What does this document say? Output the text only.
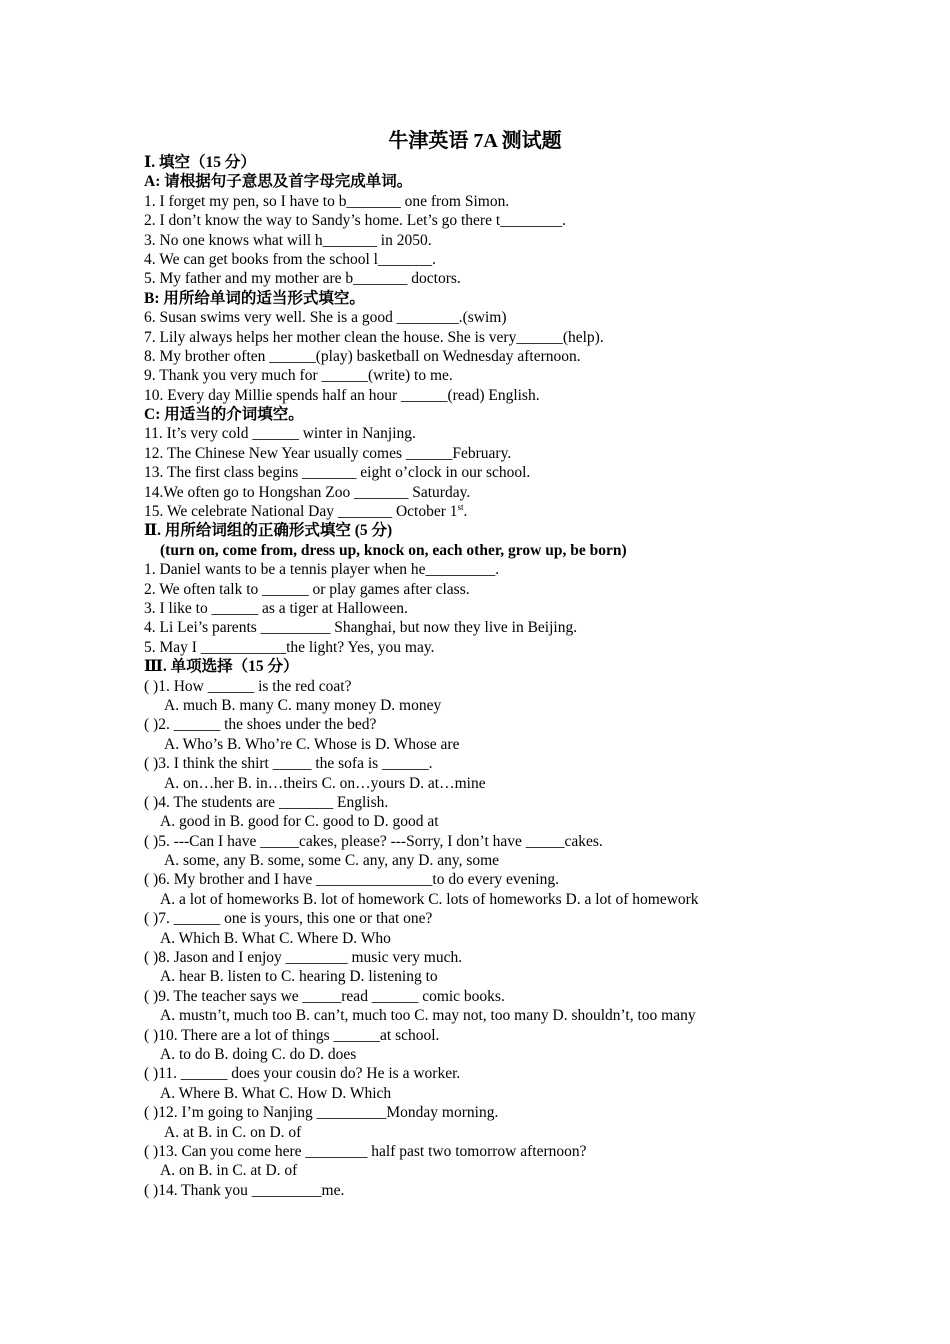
牛津英语 7A 测试题
Ⅰ. 填空（15 分）
A: 请根据句子意思及首字母完成单词。
1. I forget my pen, so I have to b_______ one from Simon.
2. I don’t know the way to Sandy’s home. Let’s go there t________.
3. No one knows what will h_______ in 2050.
4. We can get books from the school l_______.
5. My father and my mother are b_______ doctors.
B: 用所给单词的适当形式填空。
6. Susan swims very well. She is a good ________.(swim)
7. Lily always helps her mother clean the house. She is very______(help).
8. My brother often ______(play) basketball on Wednesday afternoon.
9. Thank you very much for ______(write) to me.
10. Every day Millie spends half an hour ______(read) English.
C: 用适当的介词填空。
11. It’s very cold ______ winter in Nanjing.
12. The Chinese New Year usually comes ______February.
13. The first class begins _______ eight o’clock in our school.
14.We often go to Hongshan Zoo _______ Saturday.
15. We celebrate National Day _______ October 1st.
Ⅱ. 用所给词组的正确形式填空 (5 分)
(turn on, come from, dress up, knock on, each other, grow up, be born)
1. Daniel wants to be a tennis player when he_________.
2. We often talk to ______ or play games after class.
3. I like to ______ as a tiger at Halloween.
4. Li Lei’s parents _________ Shanghai, but now they live in Beijing.
5. May I ___________the light? Yes, you may.
Ⅲ. 单项选择（15 分）
( )1. How ______ is the red coat?
A. much B. many C. many money D. money
( )2. ______ the shoes under the bed?
A. Who’s B. Who’re C. Whose is D. Whose are
( )3. I think the shirt _____ the sofa is ______.
A. on…her B. in…theirs C. on…yours D. at…mine
( )4. The students are _______ English.
A. good in B. good for C. good to D. good at
( )5. ---Can I have _____cakes, please? ---Sorry, I don’t have _____cakes.
A. some, any B. some, some C. any, any D. any, some
( )6. My brother and I have _______________to do every evening.
A. a lot of homeworks B. lot of homework C. lots of homeworks D. a lot of homework
( )7. ______ one is yours, this one or that one?
A. Which B. What C. Where D. Who
( )8. Jason and I enjoy ________ music very much.
A. hear B. listen to C. hearing D. listening to
( )9. The teacher says we _____read ______ comic books.
A. mustn’t, much too B. can’t, much too C. may not, too many D. shouldn’t, too many
( )10. There are a lot of things ______at school.
A. to do B. doing C. do D. does
( )11. ______ does your cousin do? He is a worker.
A. Where B. What C. How D. Which
( )12. I’m going to Nanjing _________Monday morning.
A. at B. in C. on D. of
( )13. Can you come here ________ half past two tomorrow afternoon?
A. on B. in C. at D. of
( )14. Thank you _________me.
